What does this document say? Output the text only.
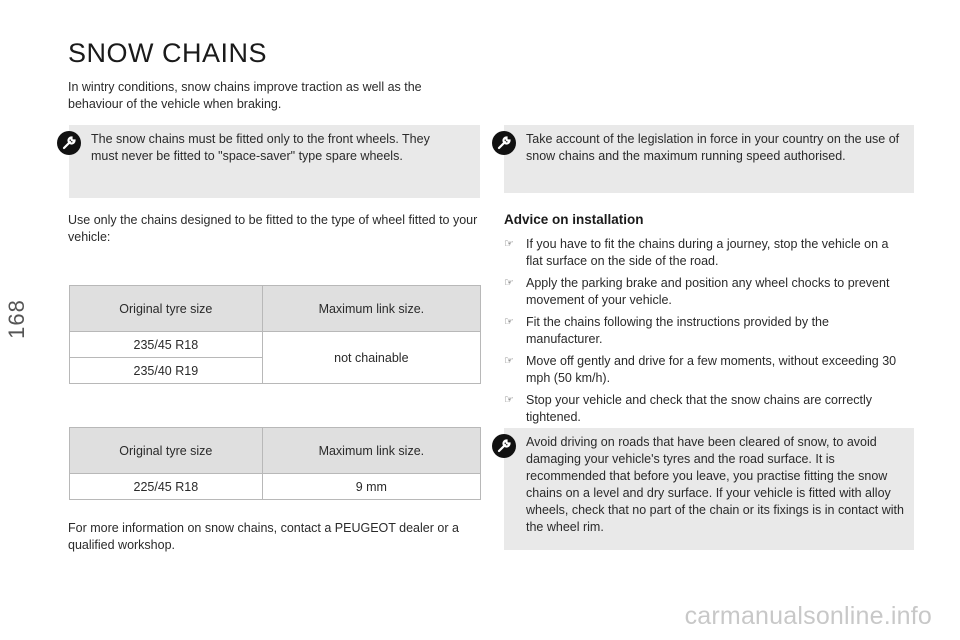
168
SNOW CHAINS

In wintry conditions, snow chains improve traction as well as the behaviour of the vehicle when braking.

The snow chains must be fitted only to the front wheels. They must never be fitted to "space-saver" type spare wheels.

Take account of the legislation in force in your country on the use of snow chains and the maximum running speed authorised.

Use only the chains designed to be fitted to the type of wheel fitted to your vehicle:

Advice on installation
☞ If you have to fit the chains during a journey, stop the vehicle on a flat surface on the side of the road.
☞ Apply the parking brake and position any wheel chocks to prevent movement of your vehicle.
☞ Fit the chains following the instructions provided by the manufacturer.
☞ Move off gently and drive for a few moments, without exceeding 30 mph (50 km/h).
☞ Stop your vehicle and check that the snow chains are correctly tightened.
Original tyre size	Maximum link size.
235/45 R18	not chainable
235/40 R19	
Original tyre size	Maximum link size.
225/45 R18	9 mm

Avoid driving on roads that have been cleared of snow, to avoid damaging your vehicle's tyres and the road surface. It is recommended that before you leave, you practise fitting the snow chains on a level and dry surface. If your vehicle is fitted with alloy wheels, check that no part of the chain or its fixings is in contact with the wheel rim.

For more information on snow chains, contact a PEUGEOT dealer or a qualified workshop.

carmanualsonline.info
